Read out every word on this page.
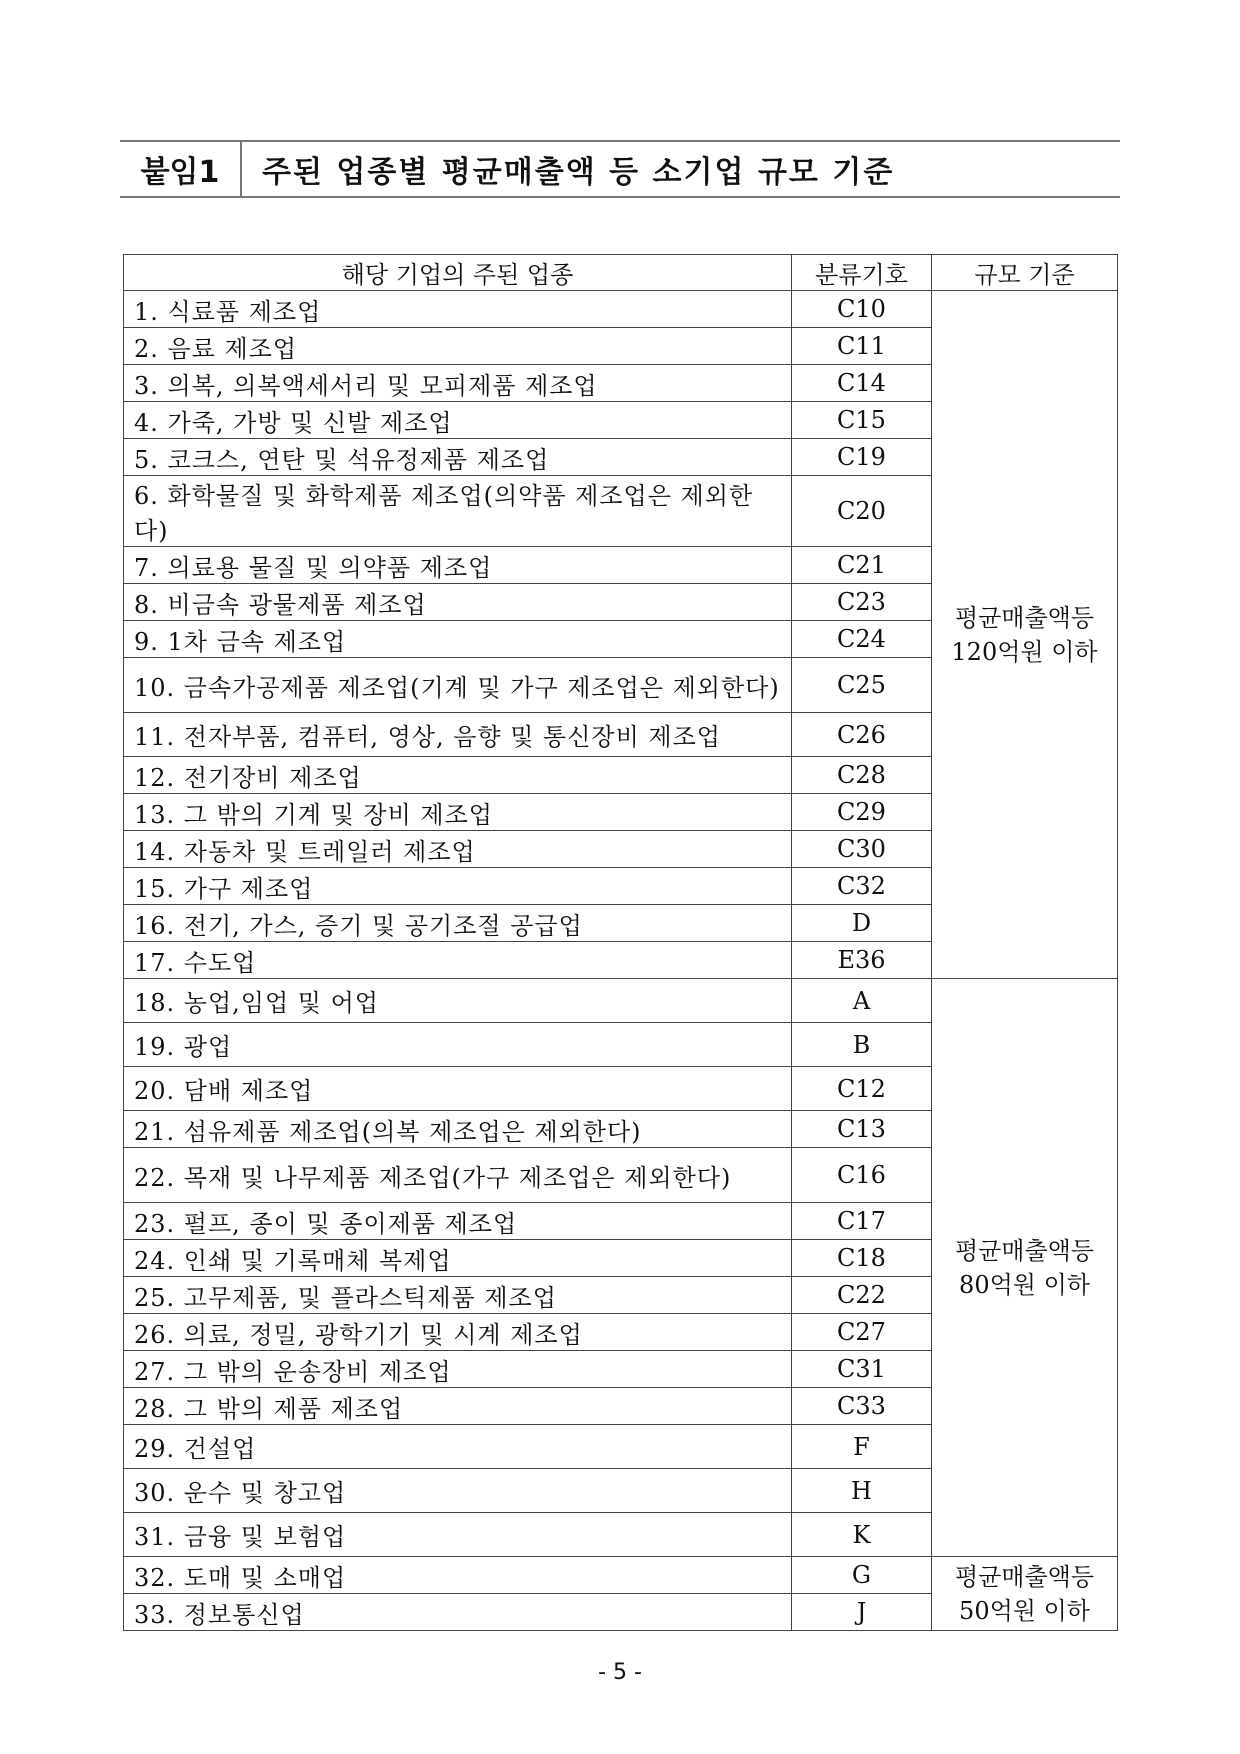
붙임1	주된 업종별 평균매출액 등 소기업 규모 기준
해당 기업의 주된 업종	분류기호	규모 기준
1. 식료품 제조업	C10	평균매출액등
120억원 이하

2. 음료 제조업	C11	
3. 의복, 의복액세서리 및 모피제품 제조업	C14	
4. 가죽, 가방 및 신발 제조업	C15	
5. 코크스, 연탄 및 석유정제품 제조업	C19	
6. 화학물질 및 화학제품 제조업(의약품 제조업은 제외한다)	C20	
7. 의료용 물질 및 의약품 제조업	C21	
8. 비금속 광물제품 제조업	C23	
9. 1차 금속 제조업	C24	
10. 금속가공제품 제조업(기계 및 가구 제조업은 제외한다)	C25	
11. 전자부품, 컴퓨터, 영상, 음향 및 통신장비 제조업	C26	
12. 전기장비 제조업	C28	
13. 그 밖의 기계 및 장비 제조업	C29	
14. 자동차 및 트레일러 제조업	C30	
15. 가구 제조업	C32	
16. 전기, 가스, 증기 및 공기조절 공급업	D	
17. 수도업	E36	
18. 농업,임업 및 어업	A	평균매출액등
80억원 이하

19. 광업	B	
20. 담배 제조업	C12	
21. 섬유제품 제조업(의복 제조업은 제외한다)	C13	
22. 목재 및 나무제품 제조업(가구 제조업은 제외한다)	C16	
23. 펄프, 종이 및 종이제품 제조업	C17	
24. 인쇄 및 기록매체 복제업	C18	
25. 고무제품, 및 플라스틱제품 제조업	C22	
26. 의료, 정밀, 광학기기 및 시계 제조업	C27	
27. 그 밖의 운송장비 제조업	C31	
28. 그 밖의 제품 제조업	C33	
29. 건설업	F	
30. 운수 및 창고업	H	
31. 금융 및 보험업	K	
32. 도매 및 소매업	G	평균매출액등
50억원 이하

33. 정보통신업	J	
- 5 -
